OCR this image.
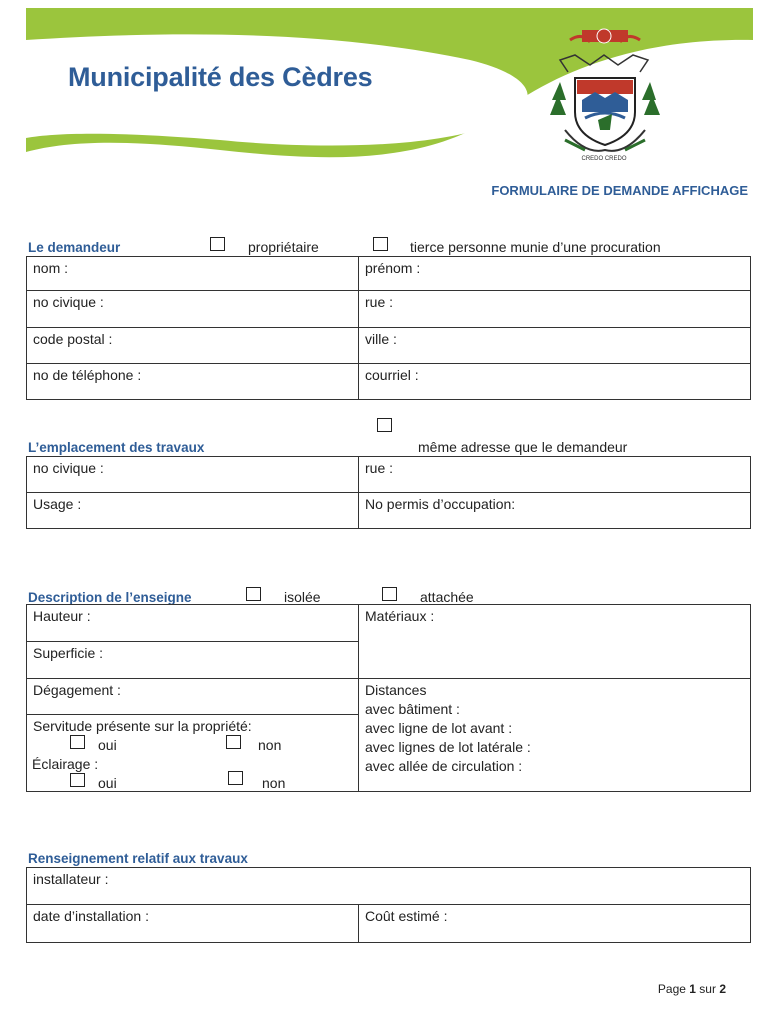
CREDO CREDO
Municipalité des Cèdres
FORMULAIRE DE DEMANDE AFFICHAGE
Le demandeur	propriétaire	tierce personne munie d’une procuration
nom :	prénom :

no civique :	rue :

code postal :	ville :

no de téléphone :	courriel :
L’emplacement des travaux	même adresse que le demandeur
no civique :	rue :

Usage :	No permis d’occupation:
Description de l’enseigne	isolée	attachée
Hauteur :	Matériaux :

Superficie :	

Dégagement :	Distances
avec bâtiment :
avec ligne de lot avant :
avec lignes de lot latérale :
avec allée de circulation :

Servitude présente sur la propriété:	
oui	non
Éclairage :
oui	non
Renseignement relatif aux travaux
installateur :

date d’installation :	Coût estimé :
Page 1 sur 2
